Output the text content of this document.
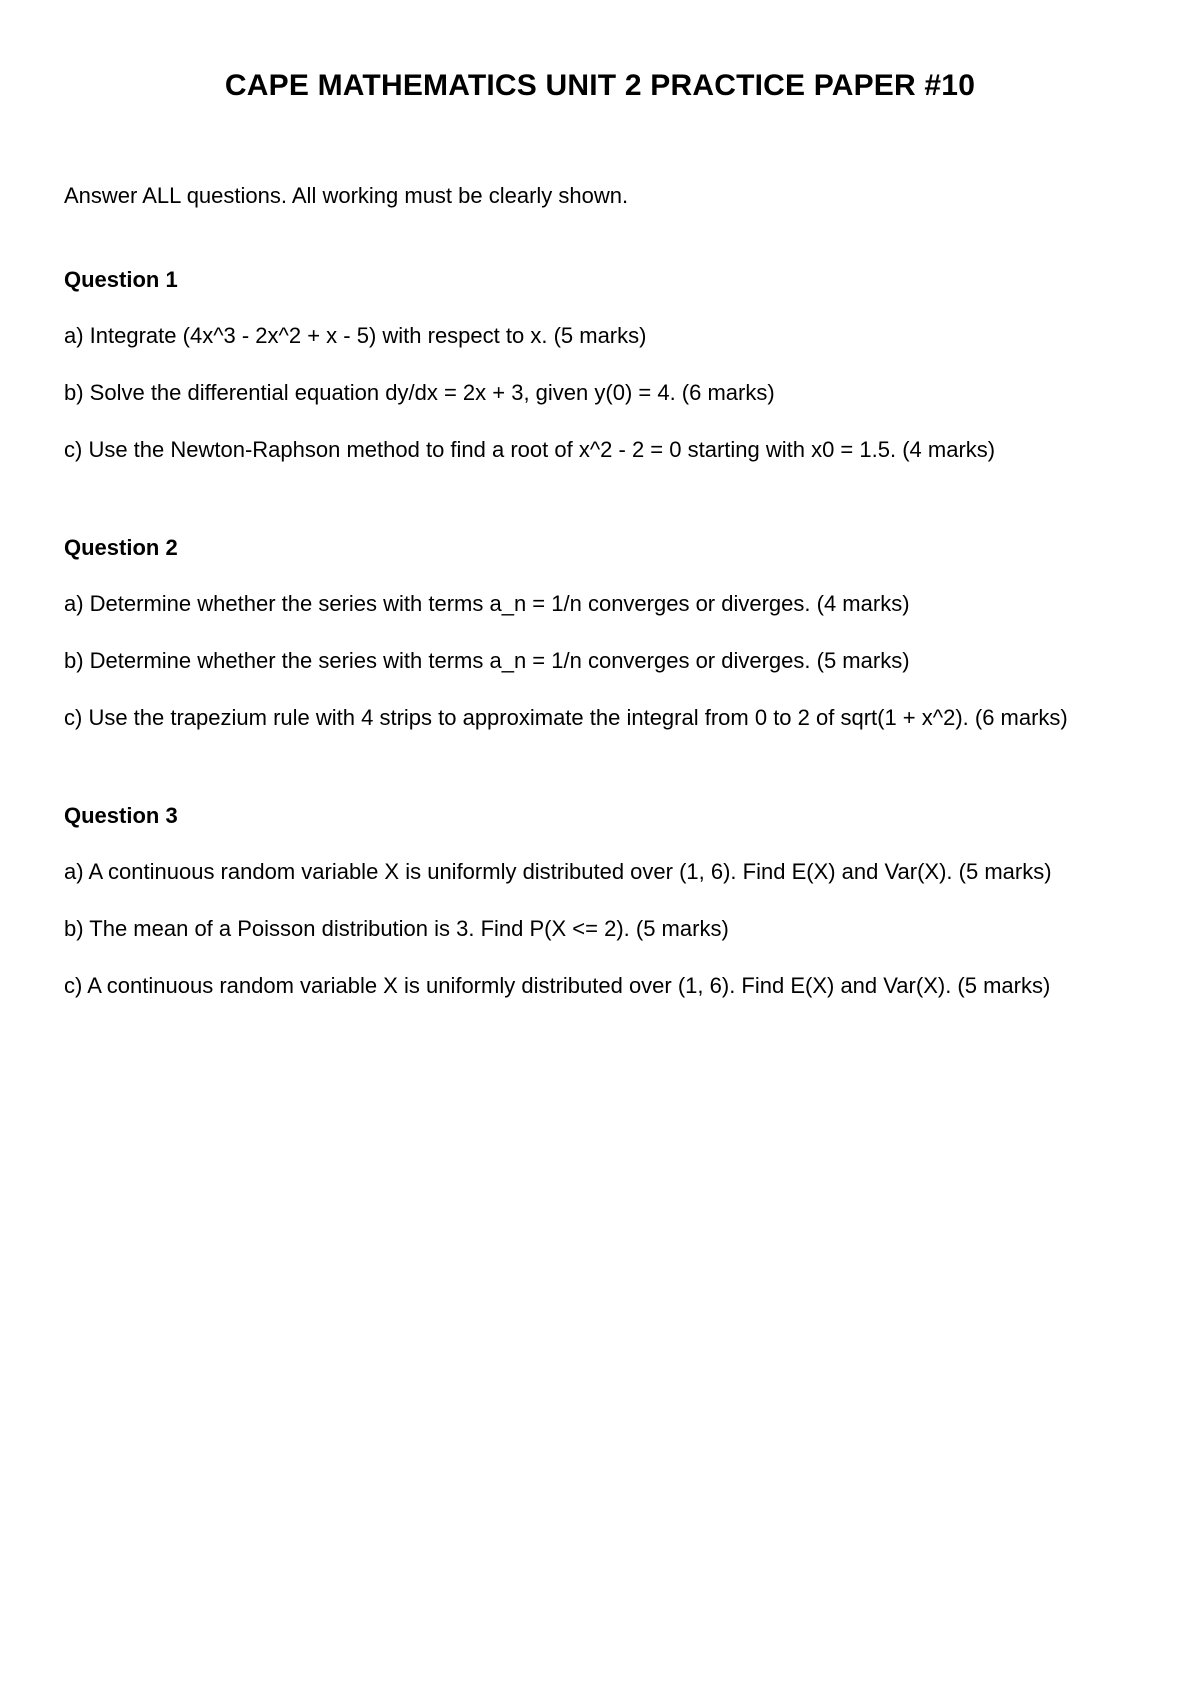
CAPE MATHEMATICS UNIT 2 PRACTICE PAPER #10
Answer ALL questions. All working must be clearly shown.
Question 1
a) Integrate (4x^3 - 2x^2 + x - 5) with respect to x. (5 marks)
b) Solve the differential equation dy/dx = 2x + 3, given y(0) = 4. (6 marks)
c) Use the Newton-Raphson method to find a root of x^2 - 2 = 0 starting with x0 = 1.5. (4 marks)
Question 2
a) Determine whether the series with terms a_n = 1/n converges or diverges. (4 marks)
b) Determine whether the series with terms a_n = 1/n converges or diverges. (5 marks)
c) Use the trapezium rule with 4 strips to approximate the integral from 0 to 2 of sqrt(1 + x^2). (6 marks)
Question 3
a) A continuous random variable X is uniformly distributed over (1, 6). Find E(X) and Var(X). (5 marks)
b) The mean of a Poisson distribution is 3. Find P(X <= 2). (5 marks)
c) A continuous random variable X is uniformly distributed over (1, 6). Find E(X) and Var(X). (5 marks)
